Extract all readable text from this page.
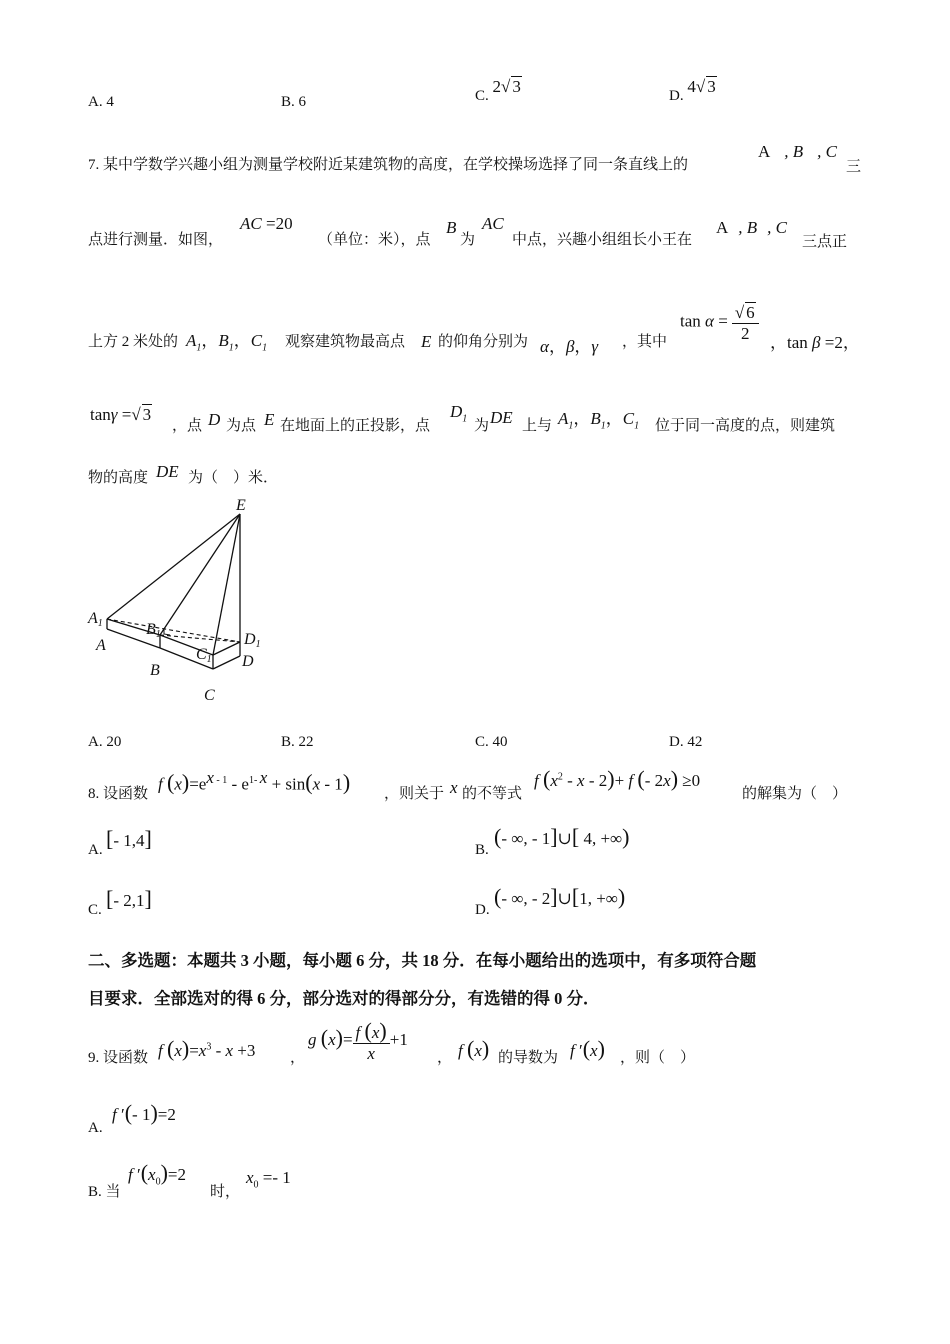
A. 4	B. 6	C. 2√ 3	D. 4√ 3
7. 某中学数学兴趣小组为测量学校附近某建筑物的高度，在学校操场选择了同一条直线上的
A , B , C
三
点进行测量．如图，
AC =20
（单位：米），点
B
为
AC
中点，兴趣小组组长小王在
A , B , C
三点正
上方 2 米处的 $A_1$，$B_1$，$C_1$ 观察建筑物最高点 E 的仰角分别为 α，β，γ ，其中
$\tan \alpha = \frac{√ 6}{2}$ ，tan β =2，
tanγ =√ 3
，点 D 为点 E 在地面上的正投影，点
$D_1$ 为 DE 上与 $A_1$，$B_1$，$C_1$ 位于同一高度的点，则建筑
物的高度 DE 为（　）米．
E
A1	B1	D1
A
B
C1 D
C
A. 20	B. 22	C. 40	D. 42
8. 设函数
f $(x)=e^{x - 1} - e^{1- x} + \sin(x - 1)$ ，则关于 x 的不等式
f $(x^2 - x - 2)+ f$ (- 2x) ≥0
的解集为（　）
A. [- 1,4]	B.
(- ∞, - 1]∪[ 4, +∞)
C. [- 2,1]	D.
(- ∞, - 2]∪[1, +∞)
二、多选题：本题共 3 小题，每小题 6 分，共 18 分．在每小题给出的选项中，有多项符合题
目要求．全部选对的得 6 分，部分选对的得部分分，有选错的得 0 分．
9. 设函数 f $(x)=x^3 - x +3$ ，
g $(x)= \frac{f (x)}{x} +1$
， f (x) 的导数为 f ′(x) ，则（　）
A.
f ′(- 1)=2
B. 当
f $'(x_0)=2$
时，
$x_0 =- 1$
